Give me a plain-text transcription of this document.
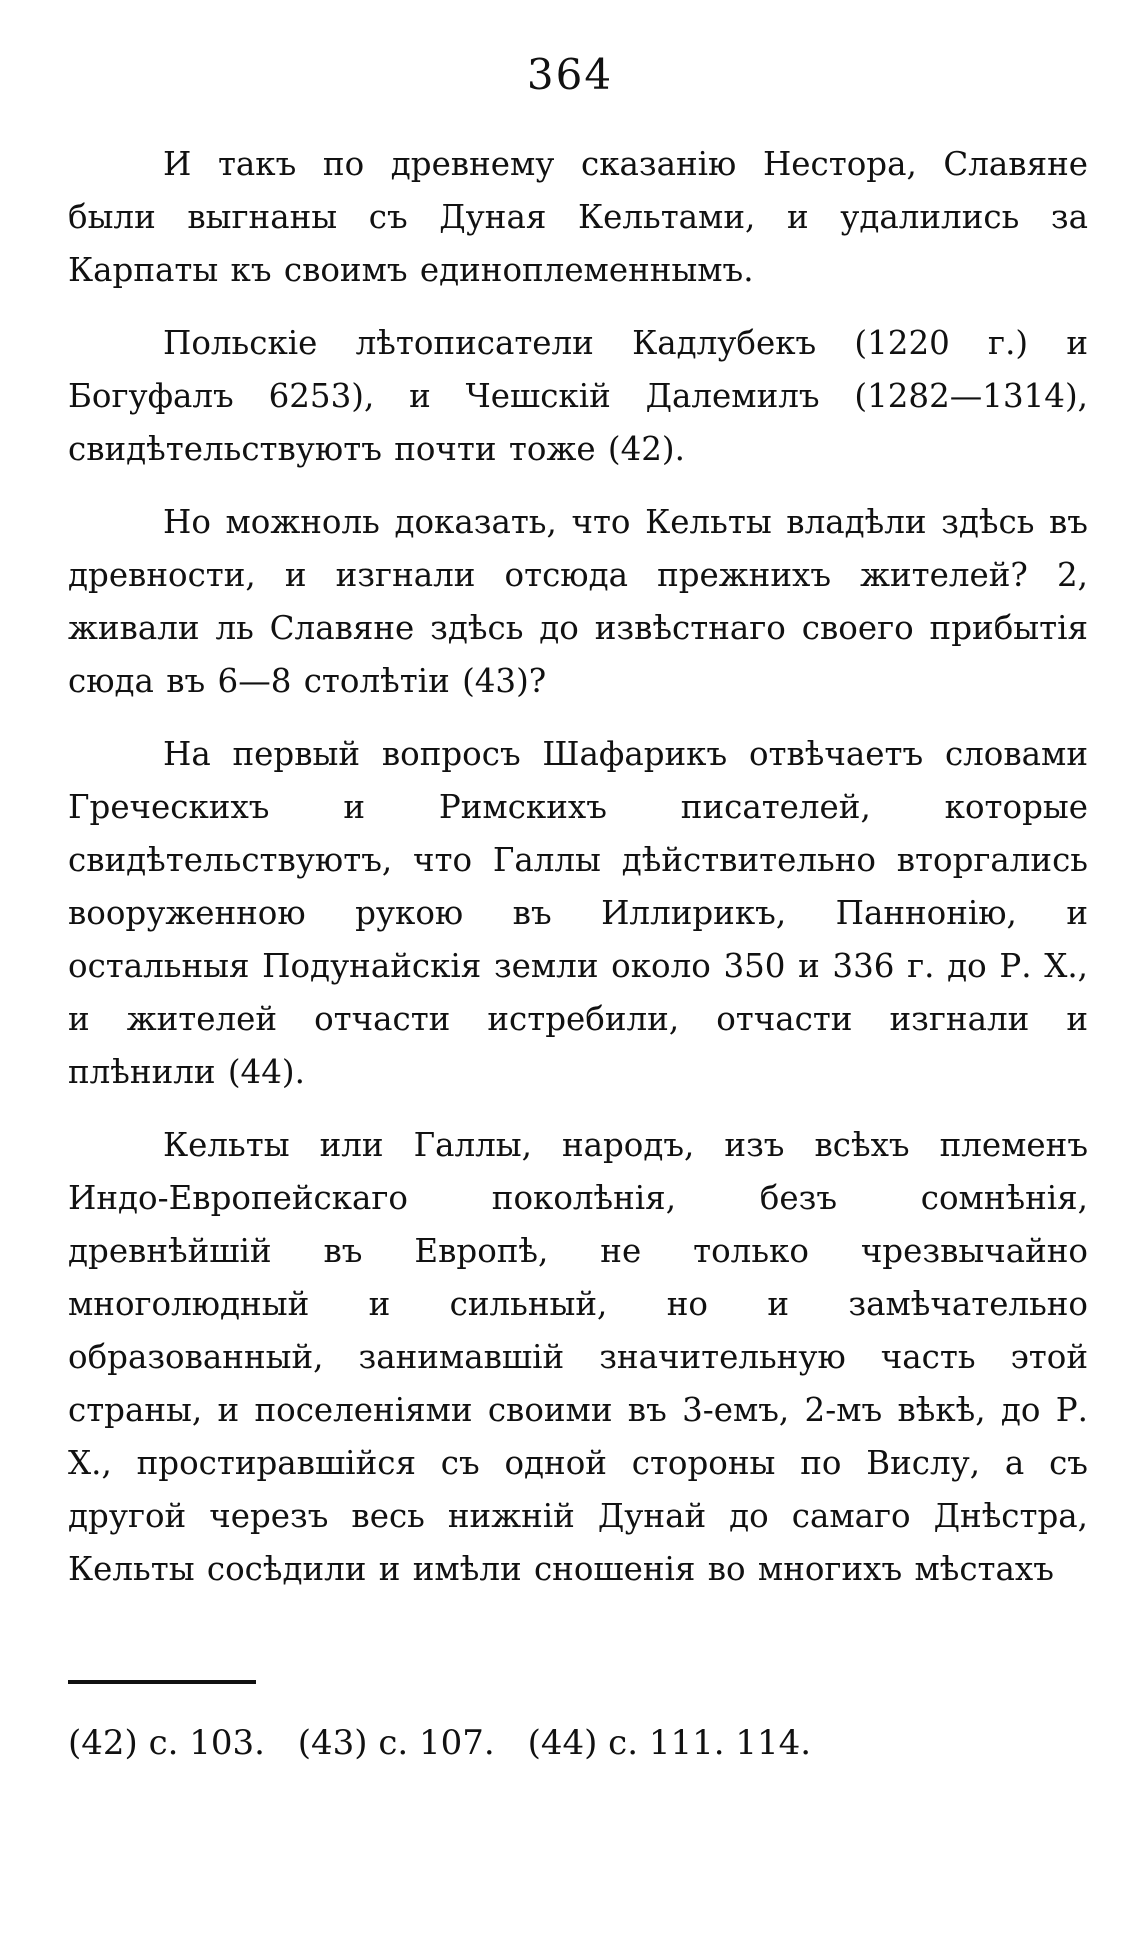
364

И такъ по древнему сказанію Нестора, Славяне были выгнаны съ Дуная Кельтами, и удалились за Карпаты къ своимъ единоплеменнымъ.

Польскіе лѣтописатели Кадлубекъ (1220 г.) и Богуфалъ 6253), и Чешскій Далемилъ (1282—1314), свидѣтельствуютъ почти тоже (42).

Но можноль доказать, что Кельты владѣли здѣсь въ древности, и изгнали отсюда прежнихъ жителей? 2, живали ль Славяне здѣсь до извѣстнаго своего прибытія сюда въ 6—8 столѣтіи (43)?

На первый вопросъ Шафарикъ отвѣчаетъ словами Греческихъ и Римскихъ писателей, которые свидѣтельствуютъ, что Галлы дѣйствительно вторгались вооруженною рукою въ Иллирикъ, Паннонію, и остальныя Подунайскія земли около 350 и 336 г. до Р. Х., и жителей отчасти истребили, отчасти изгнали и плѣнили (44).

Кельты или Галлы, народъ, изъ всѣхъ племенъ Индо-Европейскаго поколѣнія, безъ сомнѣнія, древнѣйшій въ Европѣ, не только чрезвычайно многолюдный и сильный, но и замѣчательно образованный, занимавшій значительную часть этой страны, и поселеніями своими въ 3-емъ, 2-мъ вѣкѣ, до Р. Х., простиравшійся съ одной стороны по Вислу, а съ другой черезъ весь нижній Дунай до самаго Днѣстра, Кельты сосѣдили и имѣли сношенія во многихъ мѣстахъ

(42) с. 103. (43) с. 107. (44) с. 111. 114.
